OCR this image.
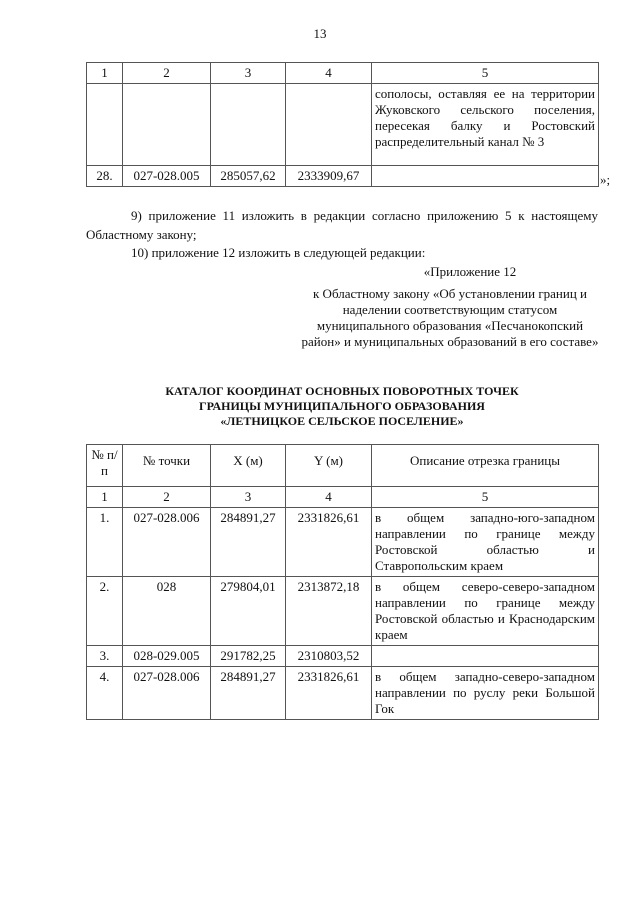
13
1	2	3	4	5
				сополосы, оставляя ее на территории Жуковского сельского поселения, пересекая балку и Ростовский распределительный канал № 3
28.	027-028.005	285057,62	2333909,67		»;
9) приложение 11 изложить в редакции согласно приложению 5 к настоящему Областному закону;
10) приложение 12 изложить в следующей редакции:
«Приложение 12
к Областному закону «Об установлении границ и наделении соответствующим статусом муниципального образования «Песчанокопский район» и муниципальных образований в его составе»
КАТАЛОГ КООРДИНАТ ОСНОВНЫХ ПОВОРОТНЫХ ТОЧЕК
ГРАНИЦЫ МУНИЦИПАЛЬНОГО ОБРАЗОВАНИЯ
«ЛЕТНИЦКОЕ СЕЛЬСКОЕ ПОСЕЛЕНИЕ»
№ п/п	№ точки	X (м)	Y (м)	Описание отрезка границы
1	2	3	4	5
1.	027-028.006	284891,27	2331826,61	в общем западно-юго-западном направлении по границе между Ростовской областью и Ставропольским краем
2.	028	279804,01	2313872,18	в общем северо-северо-западном направлении по границе между Ростовской областью и Краснодарским краем
3.	028-029.005	291782,25	2310803,52	
4.	027-028.006	284891,27	2331826,61	в общем западно-северо-западном направлении по руслу реки Большой Гок
